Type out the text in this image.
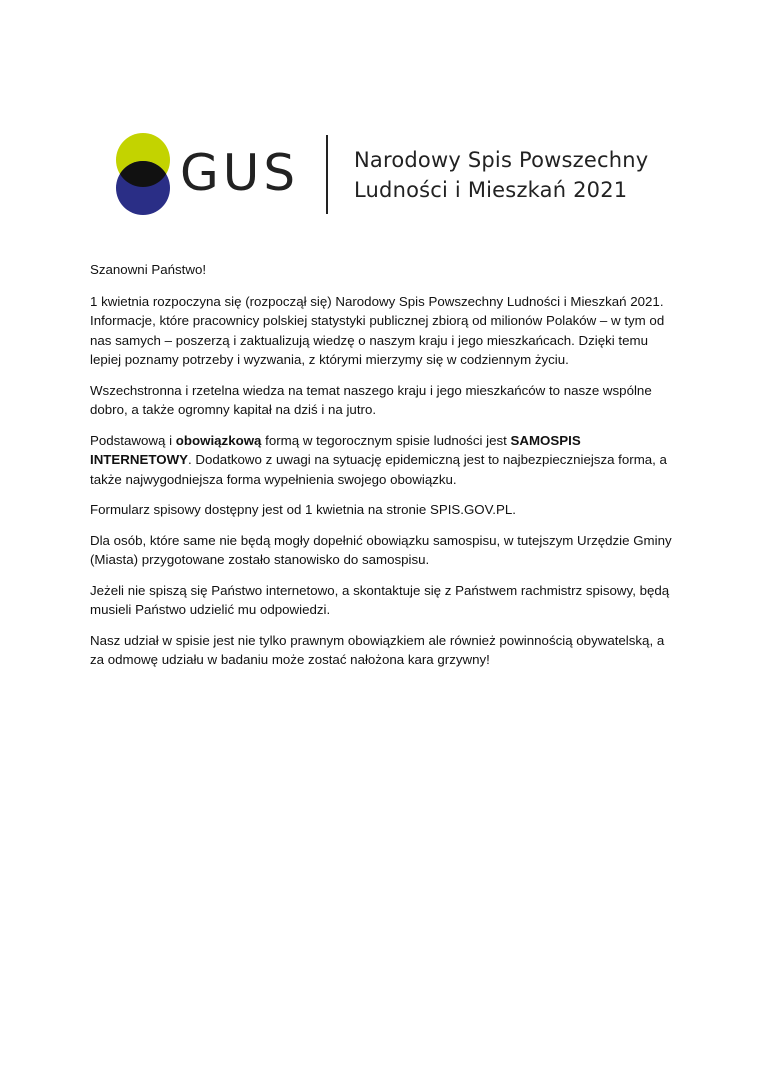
GUS	Narodowy Spis Powszechny
Ludności i Mieszkań 2021

Szanowni Państwo!

1 kwietnia rozpoczyna się (rozpoczął się) Narodowy Spis Powszechny Ludności i Mieszkań 2021. Informacje, które pracownicy polskiej statystyki publicznej zbiorą od milionów Polaków – w tym od nas samych – poszerzą i zaktualizują wiedzę o naszym kraju i jego mieszkańcach. Dzięki temu lepiej poznamy potrzeby i wyzwania, z którymi mierzymy się w codziennym życiu.

Wszechstronna i rzetelna wiedza na temat naszego kraju i jego mieszkańców to nasze wspólne dobro, a także ogromny kapitał na dziś i na jutro.

Podstawową i obowiązkową formą w tegorocznym spisie ludności jest SAMOSPIS INTERNETOWY. Dodatkowo z uwagi na sytuację epidemiczną jest to najbezpieczniejsza forma, a także najwygodniejsza forma wypełnienia swojego obowiązku.

Formularz spisowy dostępny jest od 1 kwietnia na stronie SPIS.GOV.PL.

Dla osób, które same nie będą mogły dopełnić obowiązku samospisu, w tutejszym Urzędzie Gminy (Miasta) przygotowane zostało stanowisko do samospisu.

Jeżeli nie spiszą się Państwo internetowo, a skontaktuje się z Państwem rachmistrz spisowy, będą musieli Państwo udzielić mu odpowiedzi.

Nasz udział w spisie jest nie tylko prawnym obowiązkiem ale również powinnością obywatelską, a za odmowę udziału w badaniu może zostać nałożona kara grzywny!
